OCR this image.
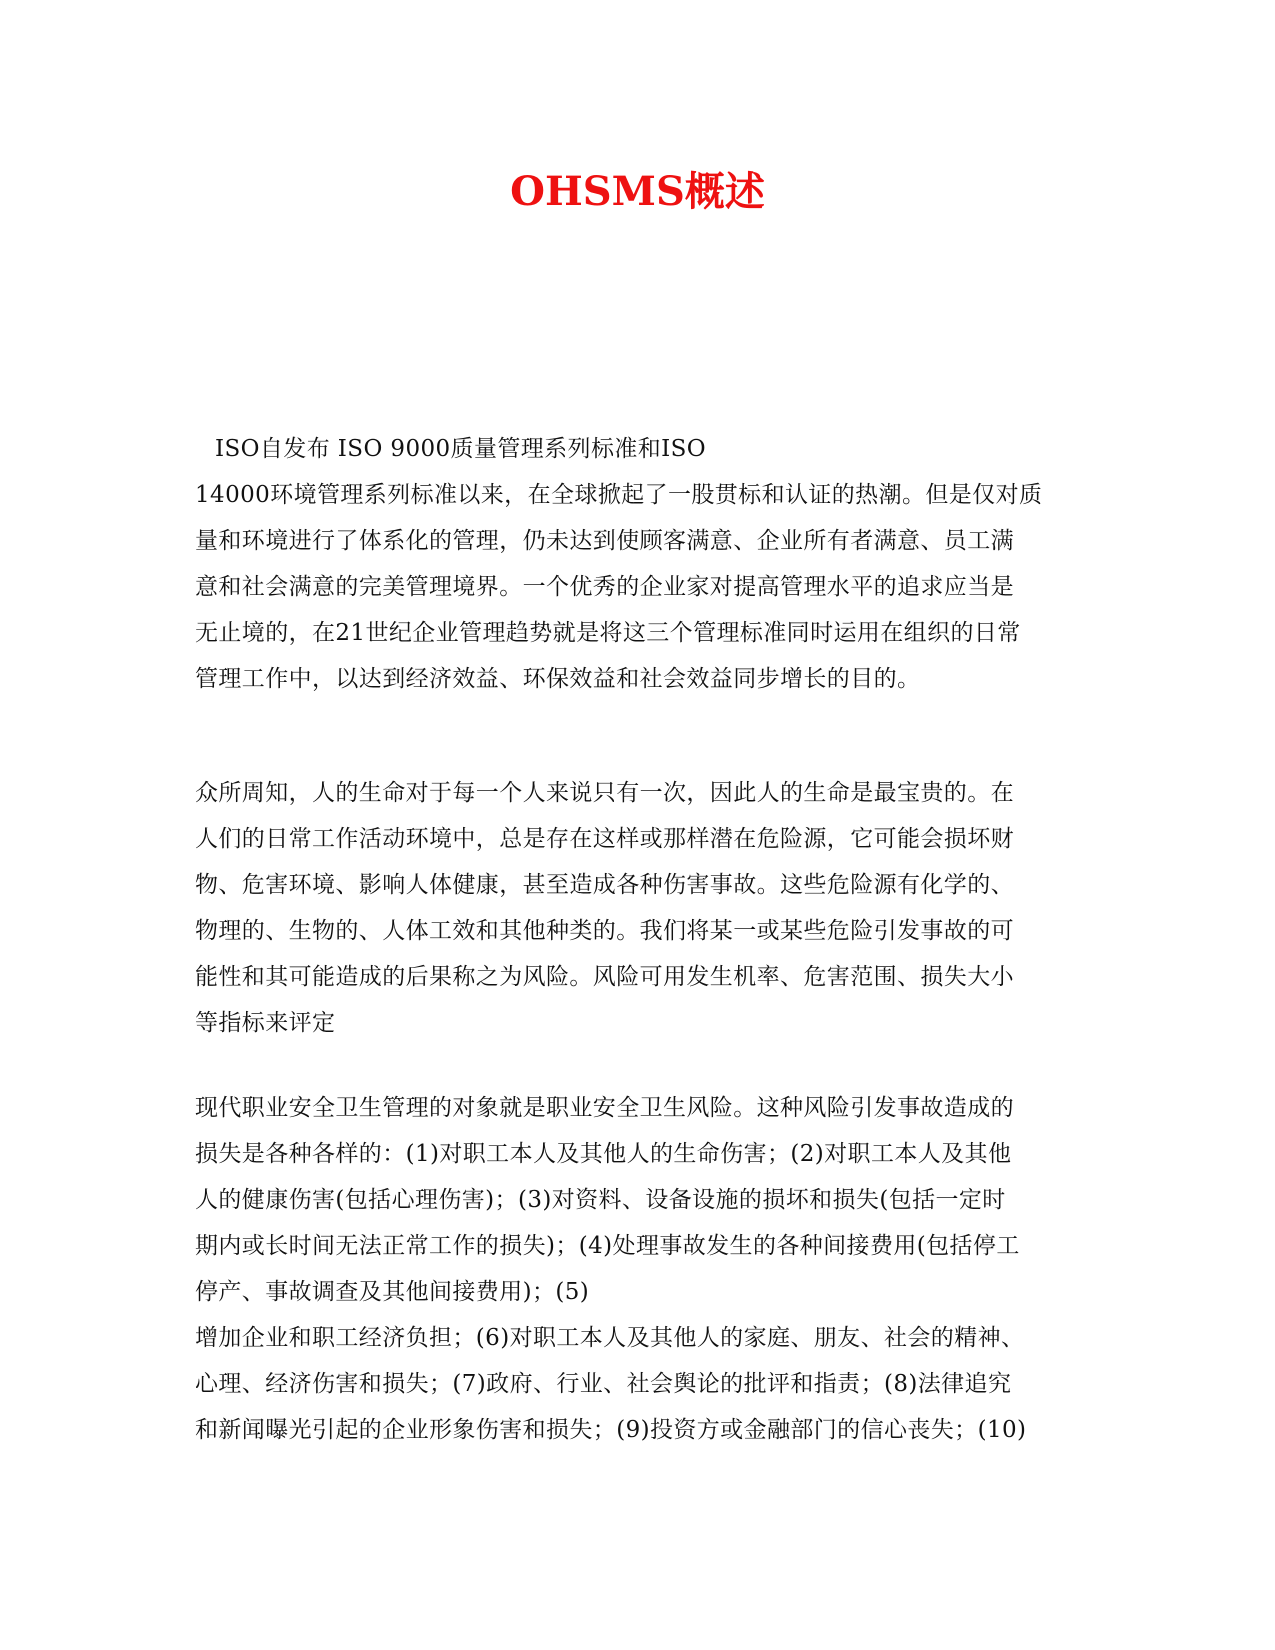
OHSMS概述
ISO自发布 ISO 9000质量管理系列标准和ISO
14000环境管理系列标准以来，在全球掀起了一股贯标和认证的热潮。但是仅对质
量和环境进行了体系化的管理，仍未达到使顾客满意、企业所有者满意、员工满
意和社会满意的完美管理境界。一个优秀的企业家对提高管理水平的追求应当是
无止境的，在21世纪企业管理趋势就是将这三个管理标准同时运用在组织的日常
管理工作中，以达到经济效益、环保效益和社会效益同步增长的目的。
众所周知，人的生命对于每一个人来说只有一次，因此人的生命是最宝贵的。在
人们的日常工作活动环境中，总是存在这样或那样潜在危险源，它可能会损坏财
物、危害环境、影响人体健康，甚至造成各种伤害事故。这些危险源有化学的、
物理的、生物的、人体工效和其他种类的。我们将某一或某些危险引发事故的可
能性和其可能造成的后果称之为风险。风险可用发生机率、危害范围、损失大小
等指标来评定
现代职业安全卫生管理的对象就是职业安全卫生风险。这种风险引发事故造成的
损失是各种各样的：(1)对职工本人及其他人的生命伤害；(2)对职工本人及其他
人的健康伤害(包括心理伤害)；(3)对资料、设备设施的损坏和损失(包括一定时
期内或长时间无法正常工作的损失)；(4)处理事故发生的各种间接费用(包括停工
停产、事故调查及其他间接费用)；(5)
增加企业和职工经济负担；(6)对职工本人及其他人的家庭、朋友、社会的精神、
心理、经济伤害和损失；(7)政府、行业、社会舆论的批评和指责；(8)法律追究
和新闻曝光引起的企业形象伤害和损失；(9)投资方或金融部门的信心丧失；(10)
